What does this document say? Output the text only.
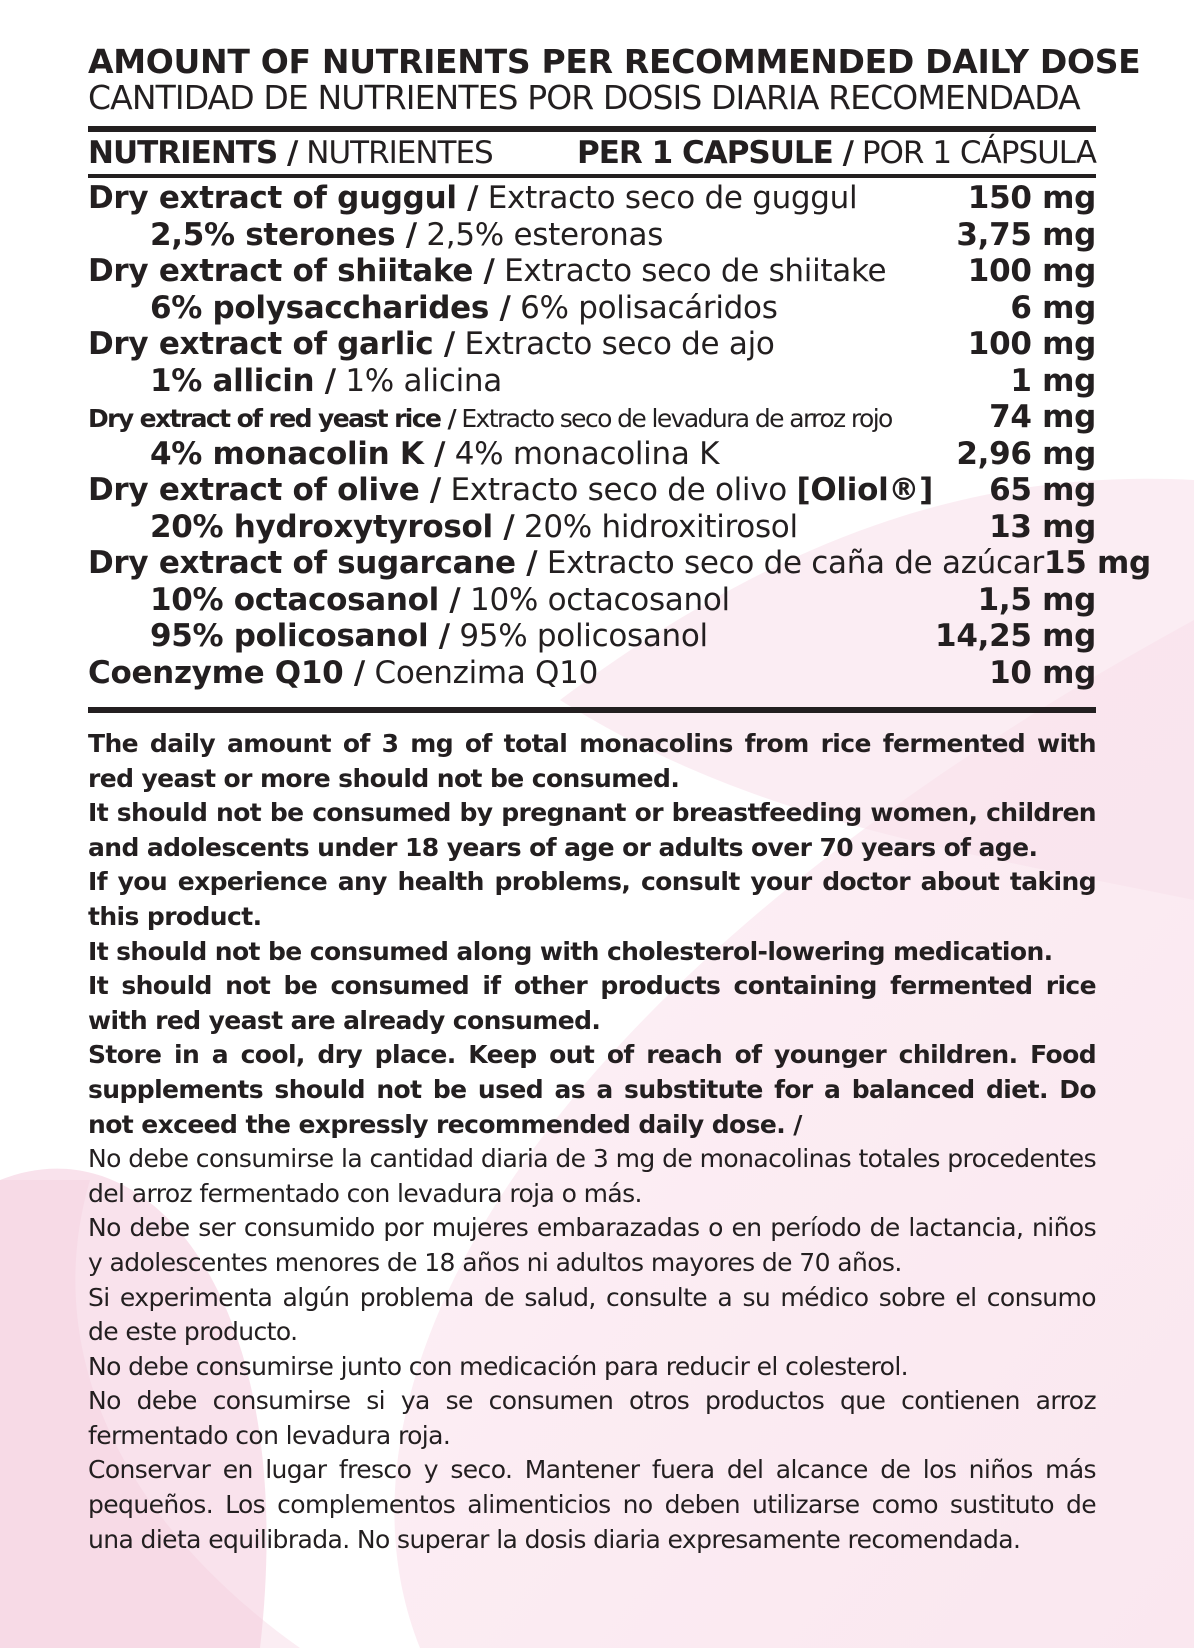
AMOUNT OF NUTRIENTS PER RECOMMENDED DAILY DOSE
CANTIDAD DE NUTRIENTES POR DOSIS DIARIA RECOMENDADA
NUTRIENTS / NUTRIENTES	PER 1 CAPSULE / POR 1 CÁPSULA
Dry extract of guggul / Extracto seco de guggul	150 mg
2,5% sterones / 2,5% esteronas	3,75 mg
Dry extract of shiitake / Extracto seco de shiitake	100 mg
6% polysaccharides / 6% polisacáridos	6 mg
Dry extract of garlic / Extracto seco de ajo	100 mg
1% allicin / 1% alicina	1 mg
Dry extract of red yeast rice / Extracto seco de levadura de arroz rojo	74 mg
4% monacolin K / 4% monacolina K	2,96 mg
Dry extract of olive / Extracto seco de olivo [Oliol®] 65 mg
20% hydroxytyrosol / 20% hidroxitirosol	13 mg
Dry extract of sugarcane / Extracto seco de caña de azúcar 15 mg
10% octacosanol / 10% octacosanol	1,5 mg
95% policosanol / 95% policosanol	14,25 mg
Coenzyme Q10 / Coenzima Q10	10 mg

The daily amount of 3 mg of total monacolins from rice fermented with red yeast or more should not be consumed.

It should not be consumed by pregnant or breastfeeding women, children and adolescents under 18 years of age or adults over 70 years of age.

If you experience any health problems, consult your doctor about taking this product.

It should not be consumed along with cholesterol-lowering medication.

It should not be consumed if other products containing fermented rice with red yeast are already consumed.

Store in a cool, dry place. Keep out of reach of younger children. Food supplements should not be used as a substitute for a balanced diet. Do not exceed the expressly recommended daily dose. /

No debe consumirse la cantidad diaria de 3 mg de monacolinas totales procedentes del arroz fermentado con levadura roja o más.

No debe ser consumido por mujeres embarazadas o en período de lactancia, niños y adolescentes menores de 18 años ni adultos mayores de 70 años.

Si experimenta algún problema de salud, consulte a su médico sobre el consumo de este producto.

No debe consumirse junto con medicación para reducir el colesterol.

No debe consumirse si ya se consumen otros productos que contienen arroz fermentado con levadura roja.

Conservar en lugar fresco y seco. Mantener fuera del alcance de los niños más pequeños. Los complementos alimenticios no deben utilizarse como sustituto de una dieta equilibrada. No superar la dosis diaria expresamente recomendada.
